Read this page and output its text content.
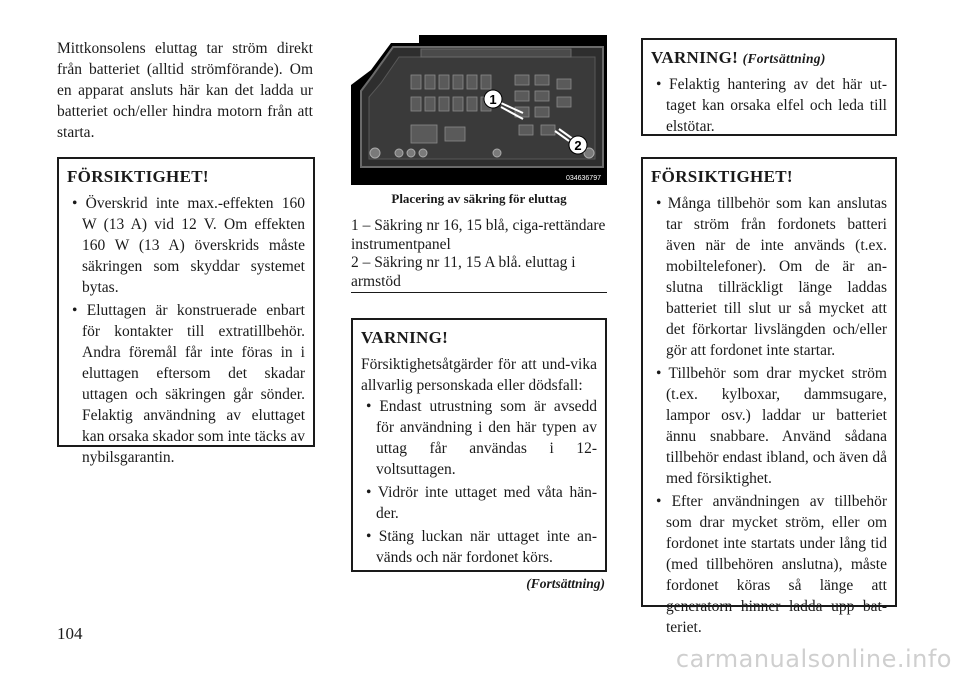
Mittkonsolens eluttag tar ström direkt från batteriet (alltid strömförande). Om en apparat ansluts här kan det ladda ur batteriet och/eller hindra motorn från att starta.

FÖRSIKTIGHET!
• Överskrid inte max.-effekten 160 W (13 A) vid 12 V. Om effekten 160 W (13 A) överskrids måste säkringen som skyddar systemet bytas.
• Eluttagen är konstruerade enbart för kontakter till extratillbehör. Andra föremål får inte föras in i eluttagen eftersom det skadar uttagen och säkringen går sönder. Felaktig användning av eluttaget kan orsaka skador som inte täcks av nybilsgarantin.
1
2
034636797
Placering av säkring för eluttag

1 – Säkring nr 16, 15 blå, ciga-rettändare instrumentpanel

2 – Säkring nr 11, 15 A blå. eluttag i armstöd

VARNING!

Försiktighetsåtgärder för att und-vika allvarlig personskada eller dödsfall:

• Endast utrustning som är avsedd för användning i den här typen av uttag får användas i 12-voltsuttagen.
• Vidrör inte uttaget med våta hän-der.
• Stäng luckan när uttaget inte an-vänds och när fordonet körs.
(Fortsättning)
VARNING! (Fortsättning)
• Felaktig hantering av det här ut-taget kan orsaka elfel och leda till elstötar.
FÖRSIKTIGHET!
• Många tillbehör som kan anslutas tar ström från fordonets batteri även när de inte används (t.ex. mobiltelefoner). Om de är an-slutna tillräckligt länge laddas batteriet till slut ur så mycket att det förkortar livslängden och/eller gör att fordonet inte startar.
• Tillbehör som drar mycket ström (t.ex. kylboxar, dammsugare, lampor osv.) laddar ur batteriet ännu snabbare. Använd sådana tillbehör endast ibland, och även då med försiktighet.
• Efter användningen av tillbehör som drar mycket ström, eller om fordonet inte startats under lång tid (med tillbehören anslutna), måste fordonet köras så länge att generatorn hinner ladda upp bat-teriet.
104
carmanualsonline.info
